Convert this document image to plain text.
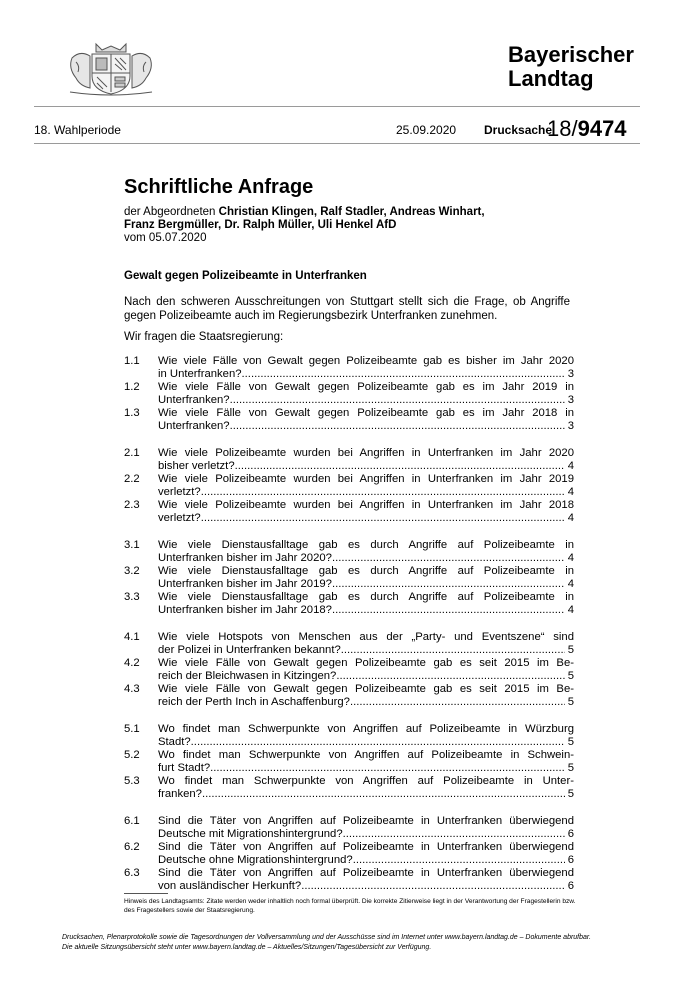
Bayerischer
Landtag
18. Wahlperiode	25.09.2020 Drucksache
18/9474
Schriftliche Anfrage
der Abgeordneten Christian Klingen, Ralf Stadler, Andreas Winhart,
Franz Bergmüller, Dr. Ralph Müller, Uli Henkel AfD
vom 05.07.2020
Gewalt gegen Polizeibeamte in Unterfranken
Nach den schweren Ausschreitungen von Stuttgart stellt sich die Frage, ob Angriffe gegen Polizeibeamte auch im Regierungsbezirk Unterfranken zunehmen.
Wir fragen die Staatsregierung:
1.1 Wie viele Fälle von Gewalt gegen Polizeibeamte gab es bisher im Jahr 2020
in Unterfranken? .....	3
1.2 Wie viele Fälle von Gewalt gegen Polizeibeamte gab es im Jahr 2019 in
Unterfranken? .....	3
1.3 Wie viele Fälle von Gewalt gegen Polizeibeamte gab es im Jahr 2018 in
Unterfranken? .....	3
2.1 Wie viele Polizeibeamte wurden bei Angriffen in Unterfranken im Jahr 2020
bisher verletzt? .....	4
2.2 Wie viele Polizeibeamte wurden bei Angriffen in Unterfranken im Jahr 2019
verletzt? .....	4
2.3 Wie viele Polizeibeamte wurden bei Angriffen in Unterfranken im Jahr 2018
verletzt? .....	4
3.1 Wie viele Dienstausfalltage gab es durch Angriffe auf Polizeibeamte in
Unterfranken bisher im Jahr 2020? .....	4
3.2 Wie viele Dienstausfalltage gab es durch Angriffe auf Polizeibeamte in
Unterfranken bisher im Jahr 2019? .....	4
3.3 Wie viele Dienstausfalltage gab es durch Angriffe auf Polizeibeamte in
Unterfranken bisher im Jahr 2018? .....	4
4.1 Wie viele Hotspots von Menschen aus der „Party- und Eventszene“ sind
der Polizei in Unterfranken bekannt? .....	5
4.2 Wie viele Fälle von Gewalt gegen Polizeibeamte gab es seit 2015 im Be-
reich der Bleichwasen in Kitzingen? .....	5
4.3 Wie viele Fälle von Gewalt gegen Polizeibeamte gab es seit 2015 im Be-
reich der Perth Inch in Aschaffenburg? .....	5
5.1 Wo findet man Schwerpunkte von Angriffen auf Polizeibeamte in Würzburg
Stadt? .....	5
5.2 Wo findet man Schwerpunkte von Angriffen auf Polizeibeamte in Schwein-
furt Stadt? .....	5
5.3 Wo findet man Schwerpunkte von Angriffen auf Polizeibeamte in Unter-
franken? .....	5
6.1 Sind die Täter von Angriffen auf Polizeibeamte in Unterfranken überwiegend
Deutsche mit Migrationshintergrund? .....	6
6.2 Sind die Täter von Angriffen auf Polizeibeamte in Unterfranken überwiegend
Deutsche ohne Migrationshintergrund? .....	6
6.3 Sind die Täter von Angriffen auf Polizeibeamte in Unterfranken überwiegend
von ausländischer Herkunft? .....	6
Hinweis des Landtagsamts: Zitate werden weder inhaltlich noch formal überprüft. Die korrekte Zitierweise liegt in der Verantwortung der Fragestellerin bzw. des Fragestellers sowie der Staatsregierung.
Drucksachen, Plenarprotokolle sowie die Tagesordnungen der Vollversammlung und der Ausschüsse sind im Internet unter www.bayern.landtag.de – Dokumente abrufbar.
Die aktuelle Sitzungsübersicht steht unter www.bayern.landtag.de – Aktuelles/Sitzungen/Tagesübersicht zur Verfügung.
